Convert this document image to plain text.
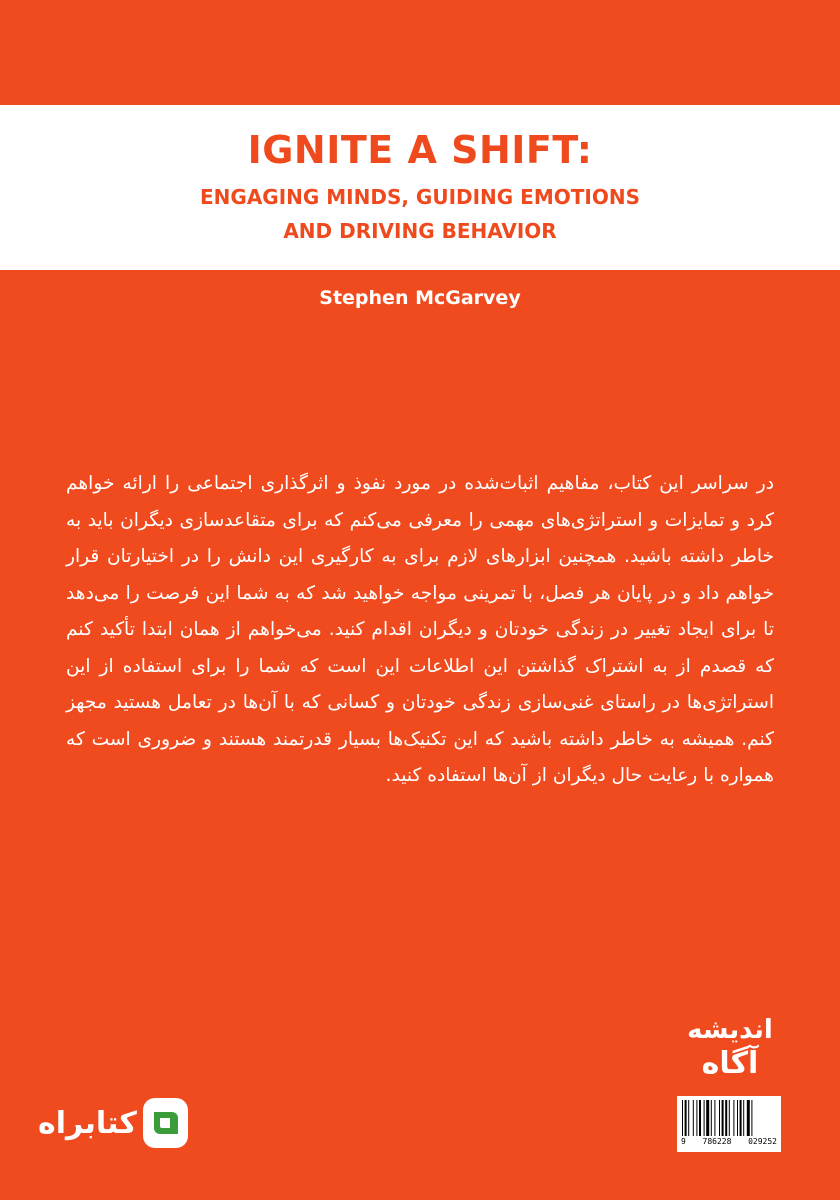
IGNITE A SHIFT:
ENGAGING MINDS, GUIDING EMOTIONS
AND DRIVING BEHAVIOR
Stephen McGarvey
در سراسر این کتاب، مفاهیم اثبات‌شده در مورد نفوذ و اثرگذاری اجتماعی را ارائه خواهم کرد و تمایزات و استراتژی‌های مهمی را معرفی می‌کنم که برای متقاعدسازی دیگران باید به خاطر داشته باشید. همچنین ابزارهای لازم برای به کارگیری این دانش را در اختیارتان قرار خواهم داد و در پایان هر فصل، با تمرینی مواجه خواهید شد که به شما این فرصت را می‌دهد تا برای ایجاد تغییر در زندگی خودتان و دیگران اقدام کنید. می‌خواهم از همان ابتدا تأکید کنم که قصدم از به اشتراک گذاشتن این اطلاعات این است که شما را برای استفاده از این استراتژی‌ها در راستای غنی‌سازی زندگی خودتان و کسانی که با آن‌ها در تعامل هستید مجهز کنم. همیشه به خاطر داشته باشید که این تکنیک‌ها بسیار قدرتمند هستند و ضروری است که همواره با رعایت حال دیگران از آن‌ها استفاده کنید.
اندیشه
آگاه
9 786228 029252
کتابراه
